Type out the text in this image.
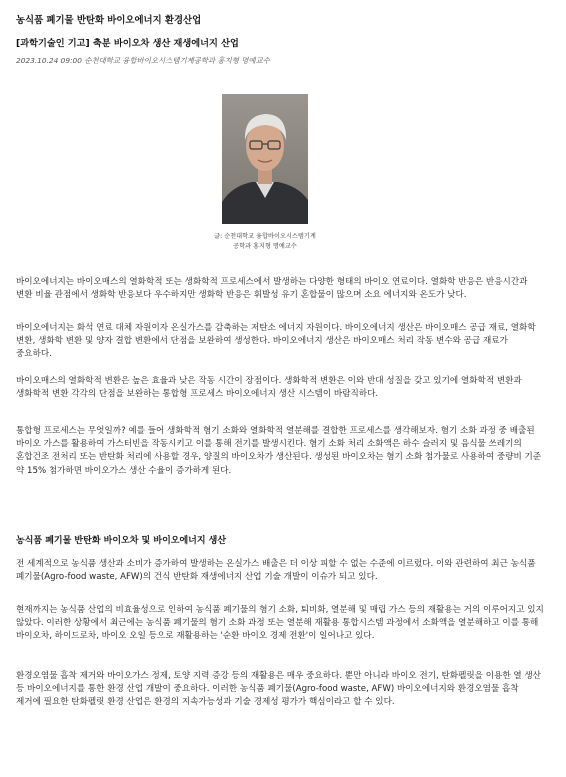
농식품 폐기물 반탄화 바이오에너지 환경산업
[과학기술인 기고] 축분 바이오차 생산 재생에너지 산업
2023.10.24 09:00 순천대학교 융합바이오시스템기계공학과 홍지형 명예교수
글: 순천대학교 융합바이오시스템기계
공학과 홍지형 명예교수

바이오에너지는 바이오매스의 열화학적 또는 생화학적 프로세스에서 발생하는 다양한 형태의 바이오 연료이다. 열화학 반응은 반응시간과 변환 비율 관점에서 생화학 반응보다 우수하지만 생화학 반응은 휘발성 유기 혼합물이 많으며 소요 에너지와 온도가 낮다.

바이오에너지는 화석 연료 대체 자원이자 온실가스를 감축하는 저탄소 에너지 자원이다. 바이오에너지 생산은 바이오매스 공급 재료, 열화학 변환, 생화학 변환 및 양자 결합 변환에서 단점을 보완하여 생성한다. 바이오에너지 생산은 바이오매스 처리 작동 변수와 공급 재료가 중요하다.

바이오매스의 열화학적 변환은 높은 효율과 낮은 작동 시간이 장점이다. 생화학적 변환은 이와 반대 성질을 갖고 있기에 열화학적 변환과 생화학적 변환 각각의 단점을 보완하는 통합형 프로세스 바이오에너지 생산 시스템이 바람직하다.

통합형 프로세스는 무엇일까? 예를 들어 생화학적 혐기 소화와 열화학적 열분해를 결합한 프로세스를 생각해보자. 혐기 소화 과정 중 배출된 바이오 가스를 활용하여 가스터빈을 작동시키고 이를 통해 전기를 발생시킨다. 혐기 소화 처리 소화액은 하수 슬러지 및 음식물 쓰레기의 혼합건조 전처리 또는 반탄화 처리에 사용할 경우, 양질의 바이오차가 생산된다. 생성된 바이오차는 혐기 소화 첨가물로 사용하여 중량비 기준 약 15% 첨가하면 바이오가스 생산 수율이 증가하게 된다.

농식품 폐기물 반탄화 바이오차 및 바이오에너지 생산

전 세계적으로 농식품 생산과 소비가 증가하여 발생하는 온실가스 배출은 더 이상 피할 수 없는 수준에 이르렀다. 이와 관련하여 최근 농식품 폐기물(Agro-food waste, AFW)의 건식 반탄화 재생에너지 산업 기술 개발이 이슈가 되고 있다.

현재까지는 농식품 산업의 비효율성으로 인하여 농식품 폐기물의 혐기 소화, 퇴비화, 열분해 및 매립 가스 등의 재활용는 거의 이루어지고 있지 않았다. 이러한 상황에서 최근에는 농식품 폐기물의 혐기 소화 과정 또는 열분해 재활용 통합시스템 과정에서 소화액을 열분해하고 이를 통해 바이오차, 하이드로차, 바이오 오일 등으로 재활용하는 '순환 바이오 경제 전환'이 일어나고 있다.

환경오염물 흡착 제거와 바이오가스 정제, 토양 지력 증강 등의 재활용은 매우 중요하다. 뿐만 아니라 바이오 전기, 탄화펠릿을 이용한 열 생산 등 바이오에너지를 통한 환경 산업 개발이 중요하다. 이러한 농식품 폐기물(Agro-food waste, AFW) 바이오에너지와 환경오염물 흡착 제거에 필요한 탄화펠릿 환경 산업은 환경의 지속가능성과 기술 경제성 평가가 핵심이라고 할 수 있다.
